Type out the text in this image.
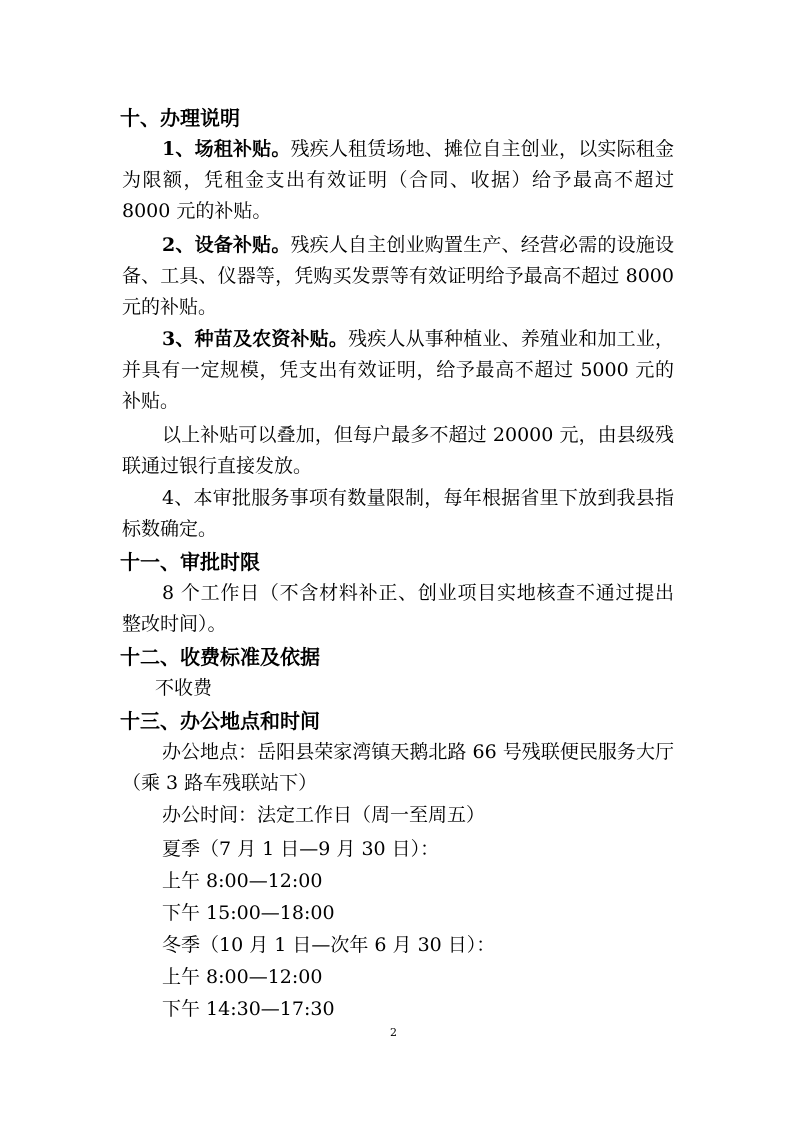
十、办理说明
1、场租补贴。残疾人租赁场地、摊位自主创业，以实际租金为限额，凭租金支出有效证明（合同、收据）给予最高不超过 8000 元的补贴。
2、设备补贴。残疾人自主创业购置生产、经营必需的设施设备、工具、仪器等，凭购买发票等有效证明给予最高不超过 8000 元的补贴。
3、种苗及农资补贴。残疾人从事种植业、养殖业和加工业，并具有一定规模，凭支出有效证明，给予最高不超过 5000 元的补贴。
以上补贴可以叠加，但每户最多不超过 20000 元，由县级残联通过银行直接发放。
4、本审批服务事项有数量限制，每年根据省里下放到我县指标数确定。
十一、审批时限
8 个工作日（不含材料补正、创业项目实地核查不通过提出整改时间）。
十二、收费标准及依据
不收费
十三、办公地点和时间
办公地点：岳阳县荣家湾镇天鹅北路 66 号残联便民服务大厅（乘 3 路车残联站下）
办公时间：法定工作日（周一至周五）
夏季（7 月 1 日—9 月 30 日）：
上午 8:00—12:00
下午 15:00—18:00
冬季（10 月 1 日—次年 6 月 30 日）：
上午 8:00—12:00
下午 14:30—17:30
2
